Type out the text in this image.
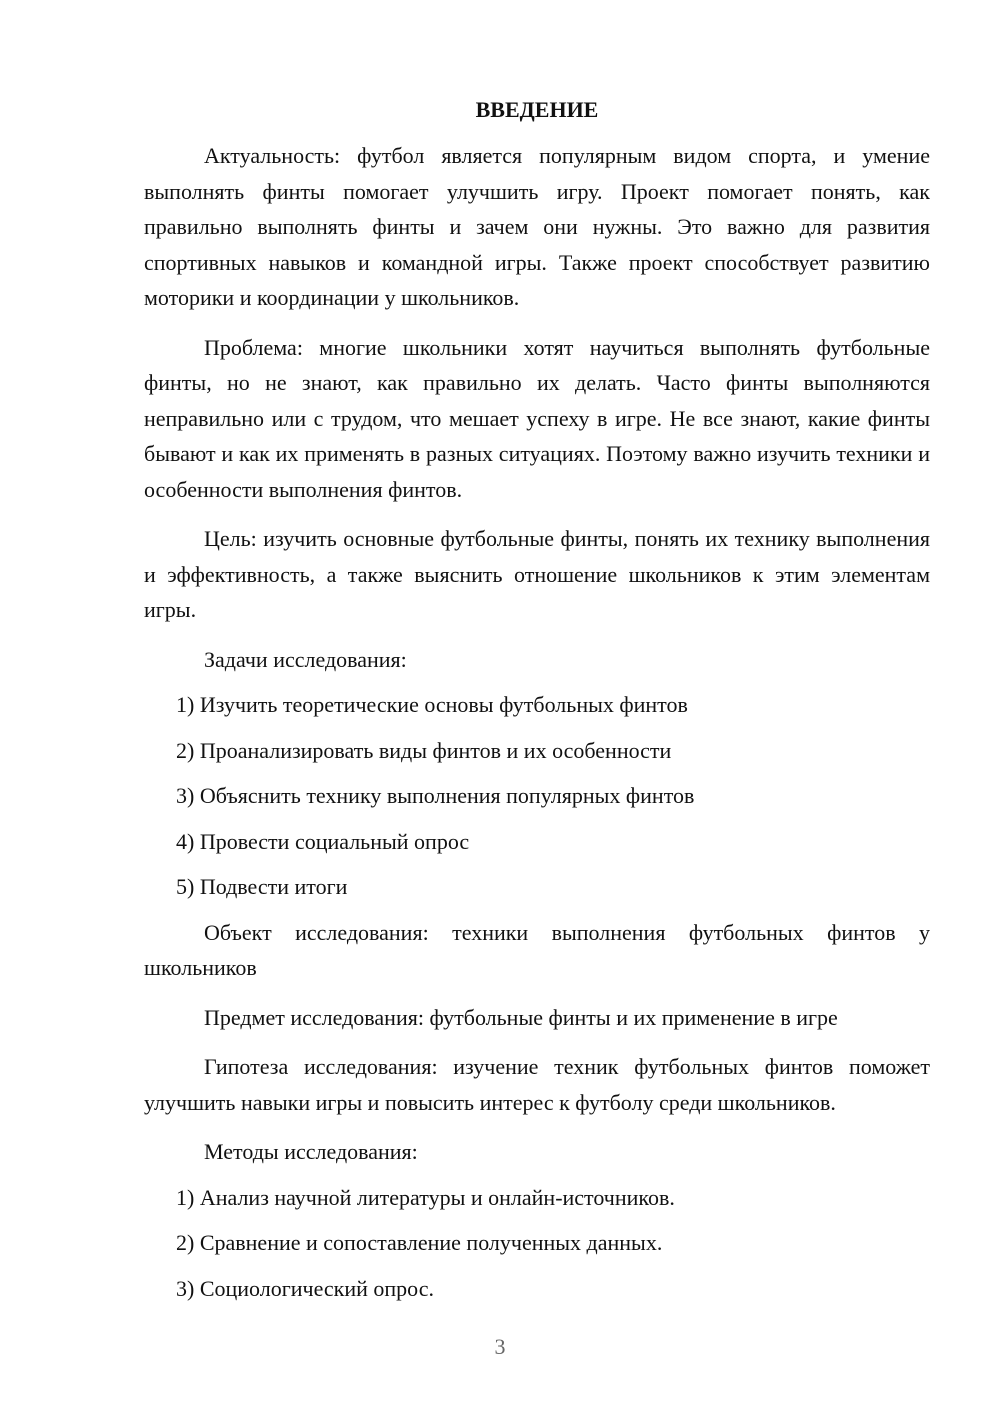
ВВЕДЕНИЕ

Актуальность: футбол является популярным видом спорта, и умение выполнять финты помогает улучшить игру. Проект помогает понять, как правильно выполнять финты и зачем они нужны. Это важно для развития спортивных навыков и командной игры. Также проект способствует развитию моторики и координации у школьников.

Проблема: многие школьники хотят научиться выполнять футбольные финты, но не знают, как правильно их делать. Часто финты выполняются неправильно или с трудом, что мешает успеху в игре. Не все знают, какие финты бывают и как их применять в разных ситуациях. Поэтому важно изучить техники и особенности выполнения финтов.

Цель: изучить основные футбольные финты, понять их технику выполнения и эффективность, а также выяснить отношение школьников к этим элементам игры.

Задачи исследования:

1) Изучить теоретические основы футбольных финтов
2) Проанализировать виды финтов и их особенности
3) Объяснить технику выполнения популярных финтов
4) Провести социальный опрос
5) Подвести итоги

Объект исследования: техники выполнения футбольных финтов у школьников

Предмет исследования: футбольные финты и их применение в игре

Гипотеза исследования: изучение техник футбольных финтов поможет улучшить навыки игры и повысить интерес к футболу среди школьников.

Методы исследования:

1) Анализ научной литературы и онлайн-источников.
2) Сравнение и сопоставление полученных данных.
3) Социологический опрос.
3
